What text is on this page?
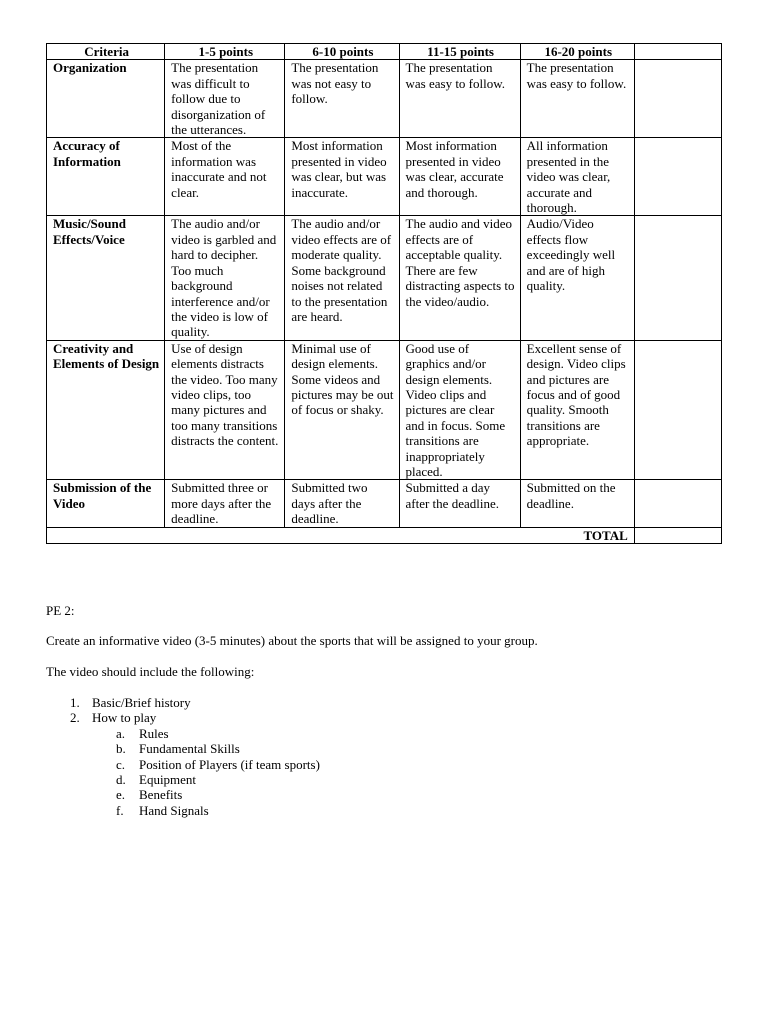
Criteria	1-5 points	6-10 points	11-15 points	16-20 points	
Organization	The presentation was difficult to follow due to disorganization of the utterances.	The presentation was not easy to follow.	The presentation was easy to follow.	The presentation was easy to follow.	
Accuracy of Information	Most of the information was inaccurate and not clear.	Most information presented in video was clear, but was inaccurate.	Most information presented in video was clear, accurate and thorough.	All information presented in the video was clear, accurate and thorough.	
Music/Sound Effects/Voice	The audio and/or video is garbled and hard to decipher. Too much background interference and/or the video is low of quality.	The audio and/or video effects are of moderate quality. Some background noises not related to the presentation are heard.	The audio and video effects are of acceptable quality. There are few distracting aspects to the video/audio.	Audio/Video effects flow exceedingly well and are of high quality.	
Creativity and Elements of Design	Use of design elements distracts the video. Too many video clips, too many pictures and too many transitions distracts the content.	Minimal use of design elements. Some videos and pictures may be out of focus or shaky.	Good use of graphics and/or design elements. Video clips and pictures are clear and in focus. Some transitions are inappropriately placed.	Excellent sense of design. Video clips and pictures are focus and of good quality. Smooth transitions are appropriate.	
Submission of the Video	Submitted three or more days after the deadline.	Submitted two days after the deadline.	Submitted a day after the deadline.	Submitted on the deadline.	
TOTAL					
PE 2:
Create an informative video (3-5 minutes) about the sports that will be assigned to your group.
The video should include the following:
1. Basic/Brief history
2. How to play
a.	Rules
b.	Fundamental Skills
c.	Position of Players (if team sports)
d.	Equipment
e.	Benefits
f.	Hand Signals
